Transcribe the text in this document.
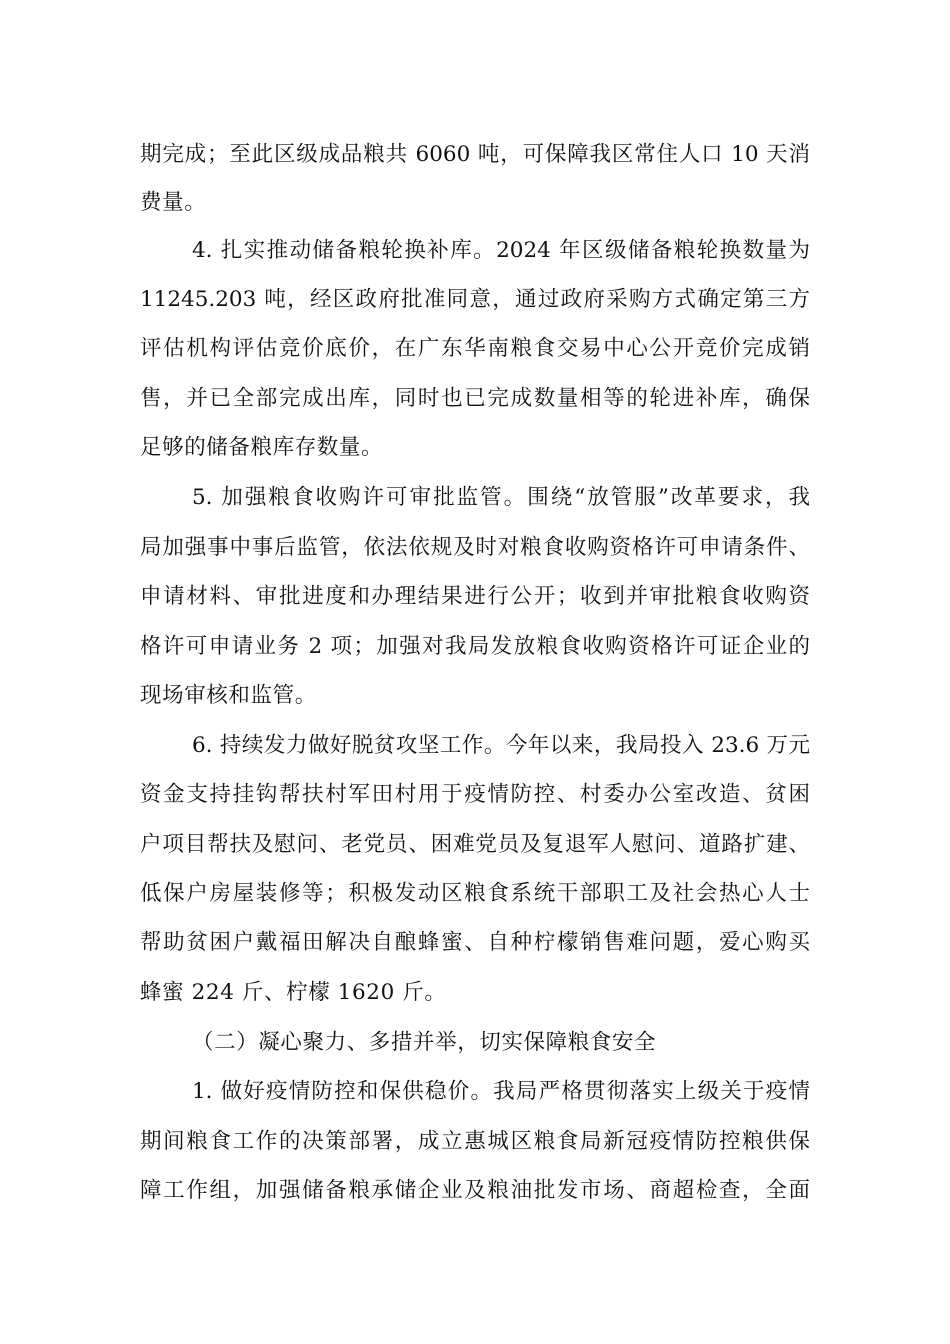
期完成；至此区级成品粮共 6060 吨，可保障我区常住人口 10 天消
费量。
4. 扎实推动储备粮轮换补库。2024 年区级储备粮轮换数量为
11245.203 吨，经区政府批准同意，通过政府采购方式确定第三方
评估机构评估竞价底价，在广东华南粮食交易中心公开竞价完成销
售，并已全部完成出库，同时也已完成数量相等的轮进补库，确保
足够的储备粮库存数量。
5. 加强粮食收购许可审批监管。围绕“放管服”改革要求，我
局加强事中事后监管，依法依规及时对粮食收购资格许可申请条件、
申请材料、审批进度和办理结果进行公开；收到并审批粮食收购资
格许可申请业务 2 项；加强对我局发放粮食收购资格许可证企业的
现场审核和监管。
6. 持续发力做好脱贫攻坚工作。今年以来，我局投入 23.6 万元
资金支持挂钩帮扶村军田村用于疫情防控、村委办公室改造、贫困
户项目帮扶及慰问、老党员、困难党员及复退军人慰问、道路扩建、
低保户房屋装修等；积极发动区粮食系统干部职工及社会热心人士
帮助贫困户戴福田解决自酿蜂蜜、自种柠檬销售难问题，爱心购买
蜂蜜 224 斤、柠檬 1620 斤。
（二）凝心聚力、多措并举，切实保障粮食安全
1. 做好疫情防控和保供稳价。我局严格贯彻落实上级关于疫情
期间粮食工作的决策部署，成立惠城区粮食局新冠疫情防控粮供保
障工作组，加强储备粮承储企业及粮油批发市场、商超检查，全面
